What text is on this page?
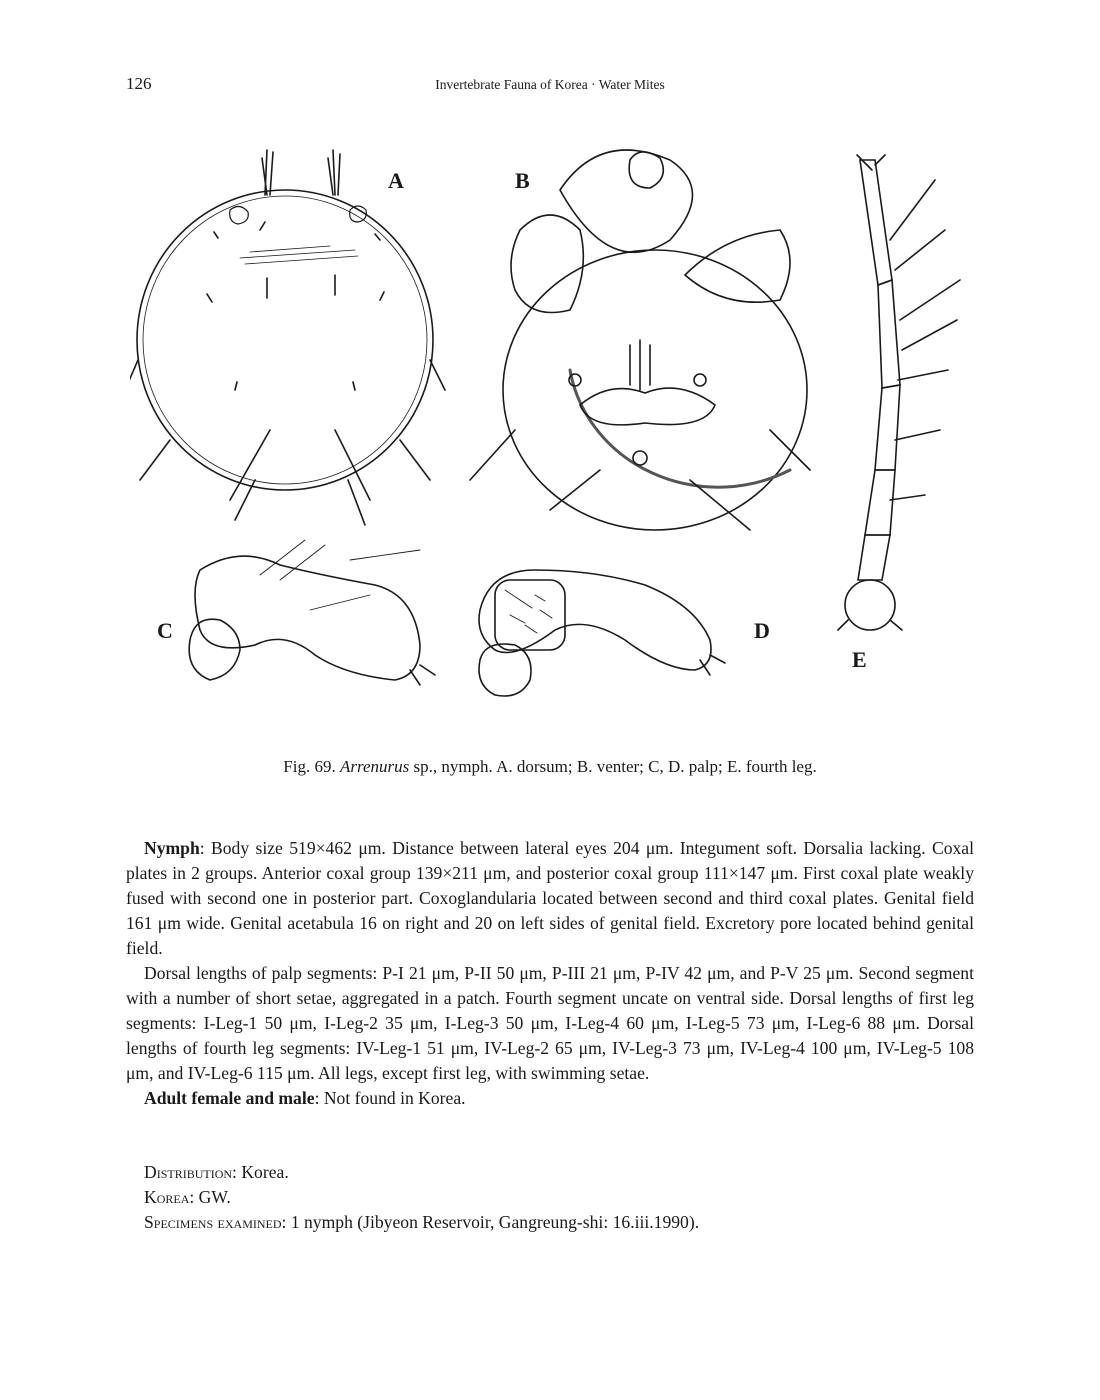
126	Invertebrate Fauna of Korea · Water Mites
A	B
C	D
E
Fig. 69. Arrenurus sp., nymph. A. dorsum; B. venter; C, D. palp; E. fourth leg.

Nymph: Body size 519×462 μm. Distance between lateral eyes 204 μm. Integument soft. Dorsalia lacking. Coxal plates in 2 groups. Anterior coxal group 139×211 μm, and posterior coxal group 111×147 μm. First coxal plate weakly fused with second one in posterior part. Coxoglandularia located between second and third coxal plates. Genital field 161 μm wide. Genital acetabula 16 on right and 20 on left sides of genital field. Excretory pore located behind genital field.

Dorsal lengths of palp segments: P-I 21 μm, P-II 50 μm, P-III 21 μm, P-IV 42 μm, and P-V 25 μm. Second segment with a number of short setae, aggregated in a patch. Fourth segment uncate on ventral side. Dorsal lengths of first leg segments: I-Leg-1 50 μm, I-Leg-2 35 μm, I-Leg-3 50 μm, I-Leg-4 60 μm, I-Leg-5 73 μm, I-Leg-6 88 μm. Dorsal lengths of fourth leg segments: IV-Leg-1 51 μm, IV-Leg-2 65 μm, IV-Leg-3 73 μm, IV-Leg-4 100 μm, IV-Leg-5 108 μm, and IV-Leg-6 115 μm. All legs, except first leg, with swimming setae.

Adult female and male: Not found in Korea.

Distribution: Korea.

Korea: GW.

Specimens examined: 1 nymph (Jibyeon Reservoir, Gangreung-shi: 16.iii.1990).
